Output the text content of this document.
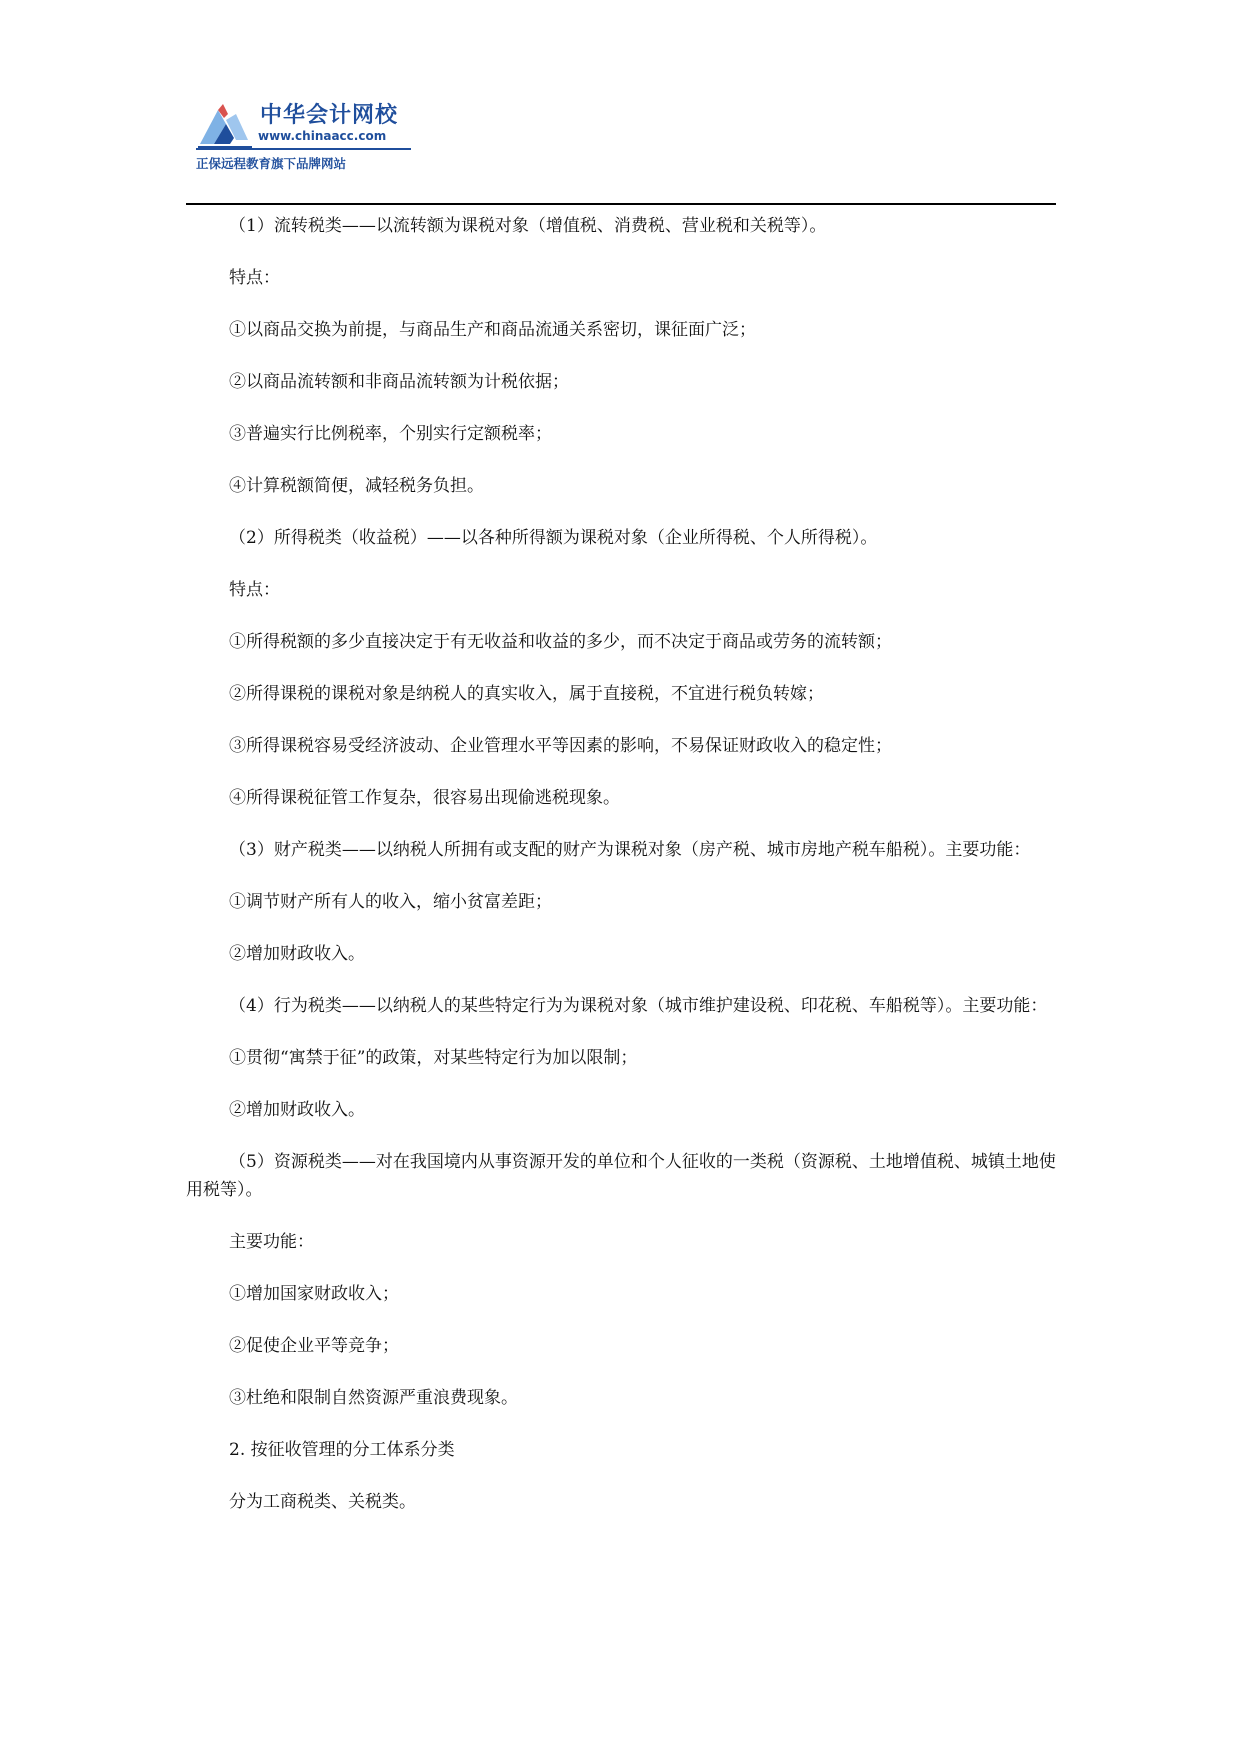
中华会计网校
www.chinaacc.com
正保远程教育旗下品牌网站

（1）流转税类——以流转额为课税对象（增值税、消费税、营业税和关税等）。

特点：

①以商品交换为前提，与商品生产和商品流通关系密切，课征面广泛；

②以商品流转额和非商品流转额为计税依据；

③普遍实行比例税率，个别实行定额税率；

④计算税额简便，减轻税务负担。

（2）所得税类（收益税）——以各种所得额为课税对象（企业所得税、个人所得税）。

特点：

①所得税额的多少直接决定于有无收益和收益的多少，而不决定于商品或劳务的流转额；

②所得课税的课税对象是纳税人的真实收入，属于直接税，不宜进行税负转嫁；

③所得课税容易受经济波动、企业管理水平等因素的影响，不易保证财政收入的稳定性；

④所得课税征管工作复杂，很容易出现偷逃税现象。

（3）财产税类——以纳税人所拥有或支配的财产为课税对象（房产税、城市房地产税车船税）。主要功能：

①调节财产所有人的收入，缩小贫富差距；

②增加财政收入。

（4）行为税类——以纳税人的某些特定行为为课税对象（城市维护建设税、印花税、车船税等）。主要功能：

①贯彻“寓禁于征”的政策，对某些特定行为加以限制；

②增加财政收入。

（5）资源税类——对在我国境内从事资源开发的单位和个人征收的一类税（资源税、土地增值税、城镇土地使用税等）。

主要功能：

①增加国家财政收入；

②促使企业平等竞争；

③杜绝和限制自然资源严重浪费现象。

2. 按征收管理的分工体系分类

分为工商税类、关税类。
